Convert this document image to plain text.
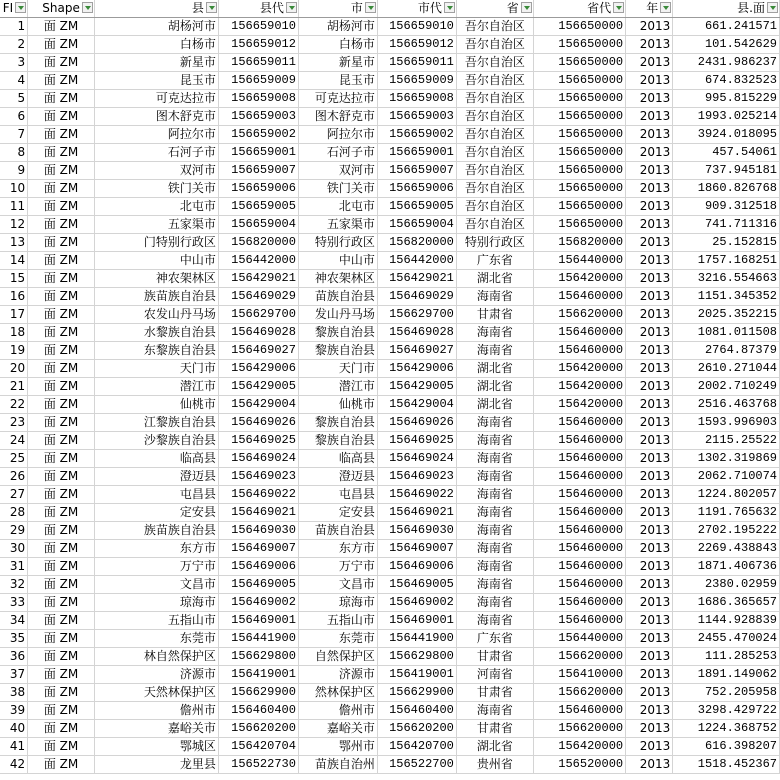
FI	Shape	县	县代	市	市代	省	省代	年	县.面

1	面 ZM	胡杨河市	156659010	胡杨河市	156659010	吾尔自治区	156650000	2013	661.241571
2	面 ZM	白杨市	156659012	白杨市	156659012	吾尔自治区	156650000	2013	101.542629
3	面 ZM	新星市	156659011	新星市	156659011	吾尔自治区	156650000	2013	2431.986237
4	面 ZM	昆玉市	156659009	昆玉市	156659009	吾尔自治区	156650000	2013	674.832523
5	面 ZM	可克达拉市	156659008	可克达拉市	156659008	吾尔自治区	156650000	2013	995.815229
6	面 ZM	图木舒克市	156659003	图木舒克市	156659003	吾尔自治区	156650000	2013	1993.025214
7	面 ZM	阿拉尔市	156659002	阿拉尔市	156659002	吾尔自治区	156650000	2013	3924.018095
8	面 ZM	石河子市	156659001	石河子市	156659001	吾尔自治区	156650000	2013	457.54061
9	面 ZM	双河市	156659007	双河市	156659007	吾尔自治区	156650000	2013	737.945181
10	面 ZM	铁门关市	156659006	铁门关市	156659006	吾尔自治区	156650000	2013	1860.826768
11	面 ZM	北屯市	156659005	北屯市	156659005	吾尔自治区	156650000	2013	909.312518
12	面 ZM	五家渠市	156659004	五家渠市	156659004	吾尔自治区	156650000	2013	741.711316
13	面 ZM	门特别行政区	156820000	特别行政区	156820000	特别行政区	156820000	2013	25.152815
14	面 ZM	中山市	156442000	中山市	156442000	广东省	156440000	2013	1757.168251
15	面 ZM	神农架林区	156429021	神农架林区	156429021	湖北省	156420000	2013	3216.554663
16	面 ZM	族苗族自治县	156469029	苗族自治县	156469029	海南省	156460000	2013	1151.345352
17	面 ZM	农发山丹马场	156629700	发山丹马场	156629700	甘肃省	156620000	2013	2025.352215
18	面 ZM	水黎族自治县	156469028	黎族自治县	156469028	海南省	156460000	2013	1081.011508
19	面 ZM	东黎族自治县	156469027	黎族自治县	156469027	海南省	156460000	2013	2764.87379
20	面 ZM	天门市	156429006	天门市	156429006	湖北省	156420000	2013	2610.271044
21	面 ZM	潜江市	156429005	潜江市	156429005	湖北省	156420000	2013	2002.710249
22	面 ZM	仙桃市	156429004	仙桃市	156429004	湖北省	156420000	2013	2516.463768
23	面 ZM	江黎族自治县	156469026	黎族自治县	156469026	海南省	156460000	2013	1593.996903
24	面 ZM	沙黎族自治县	156469025	黎族自治县	156469025	海南省	156460000	2013	2115.25522
25	面 ZM	临高县	156469024	临高县	156469024	海南省	156460000	2013	1302.319869
26	面 ZM	澄迈县	156469023	澄迈县	156469023	海南省	156460000	2013	2062.710074
27	面 ZM	屯昌县	156469022	屯昌县	156469022	海南省	156460000	2013	1224.802057
28	面 ZM	定安县	156469021	定安县	156469021	海南省	156460000	2013	1191.765632
29	面 ZM	族苗族自治县	156469030	苗族自治县	156469030	海南省	156460000	2013	2702.195222
30	面 ZM	东方市	156469007	东方市	156469007	海南省	156460000	2013	2269.438843
31	面 ZM	万宁市	156469006	万宁市	156469006	海南省	156460000	2013	1871.406736
32	面 ZM	文昌市	156469005	文昌市	156469005	海南省	156460000	2013	2380.02959
33	面 ZM	琼海市	156469002	琼海市	156469002	海南省	156460000	2013	1686.365657
34	面 ZM	五指山市	156469001	五指山市	156469001	海南省	156460000	2013	1144.928839
35	面 ZM	东莞市	156441900	东莞市	156441900	广东省	156440000	2013	2455.470024
36	面 ZM	林自然保护区	156629800	自然保护区	156629800	甘肃省	156620000	2013	111.285253
37	面 ZM	济源市	156419001	济源市	156419001	河南省	156410000	2013	1891.149062
38	面 ZM	天然林保护区	156629900	然林保护区	156629900	甘肃省	156620000	2013	752.205958
39	面 ZM	儋州市	156460400	儋州市	156460400	海南省	156460000	2013	3298.429722
40	面 ZM	嘉峪关市	156620200	嘉峪关市	156620200	甘肃省	156620000	2013	1224.368752
41	面 ZM	鄂城区	156420704	鄂州市	156420700	湖北省	156420000	2013	616.398207
42	面 ZM	龙里县	156522730	苗族自治州	156522700	贵州省	156520000	2013	1518.452367
